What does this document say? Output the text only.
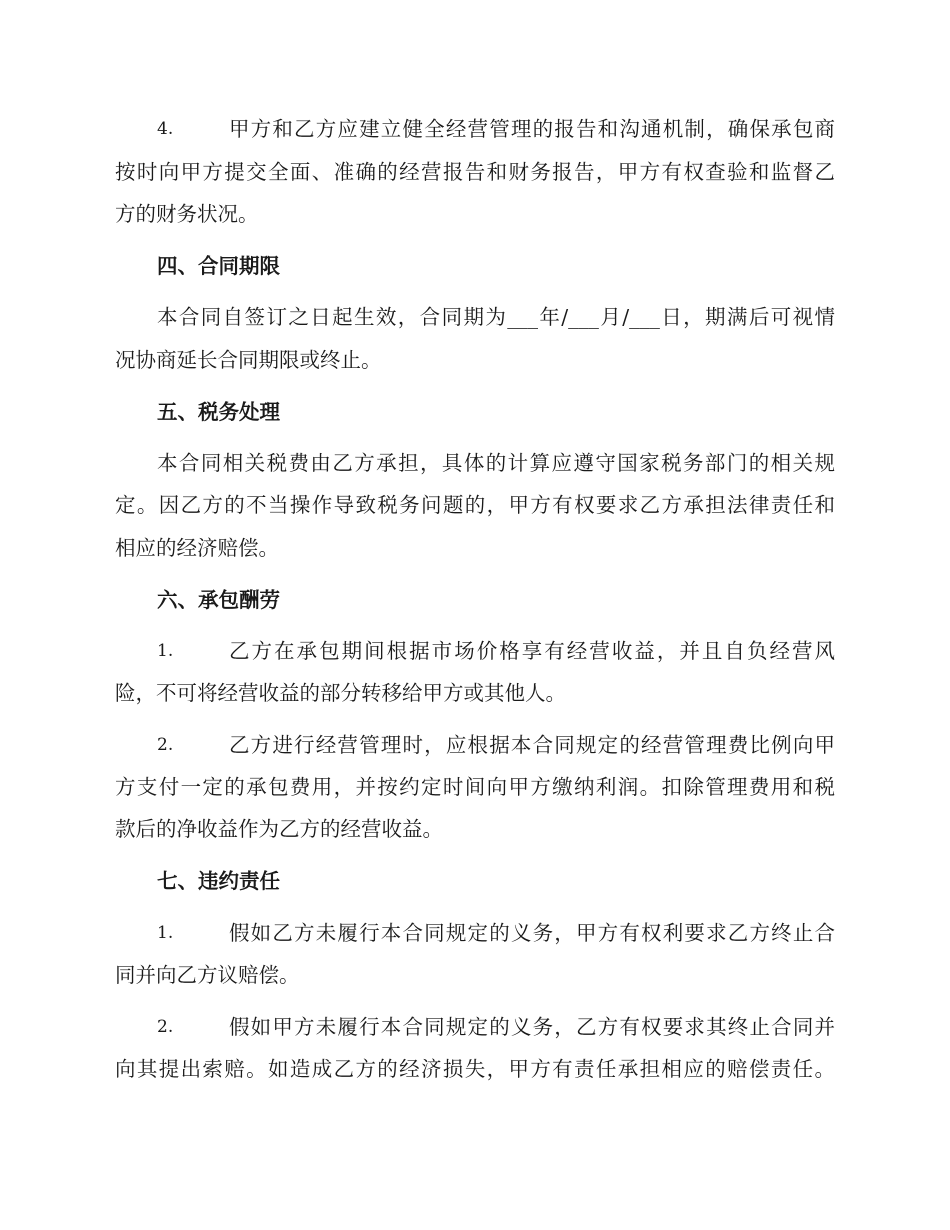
4.	甲方和乙方应建立健全经营管理的报告和沟通机制，确保承包商
按时向甲方提交全面、准确的经营报告和财务报告，甲方有权查验和监督乙
方的财务状况。
四、合同期限
本合同自签订之日起生效，合同期为___年/___月/___日，期满后可视情
况协商延长合同期限或终止。
五、税务处理
本合同相关税费由乙方承担，具体的计算应遵守国家税务部门的相关规
定。因乙方的不当操作导致税务问题的，甲方有权要求乙方承担法律责任和
相应的经济赔偿。
六、承包酬劳
1.	乙方在承包期间根据市场价格享有经营收益，并且自负经营风
险，不可将经营收益的部分转移给甲方或其他人。
2.	乙方进行经营管理时，应根据本合同规定的经营管理费比例向甲
方支付一定的承包费用，并按约定时间向甲方缴纳利润。扣除管理费用和税
款后的净收益作为乙方的经营收益。
七、违约责任
1.	假如乙方未履行本合同规定的义务，甲方有权利要求乙方终止合
同并向乙方议赔偿。
2.	假如甲方未履行本合同规定的义务，乙方有权要求其终止合同并
向其提出索赔。如造成乙方的经济损失，甲方有责任承担相应的赔偿责任。
